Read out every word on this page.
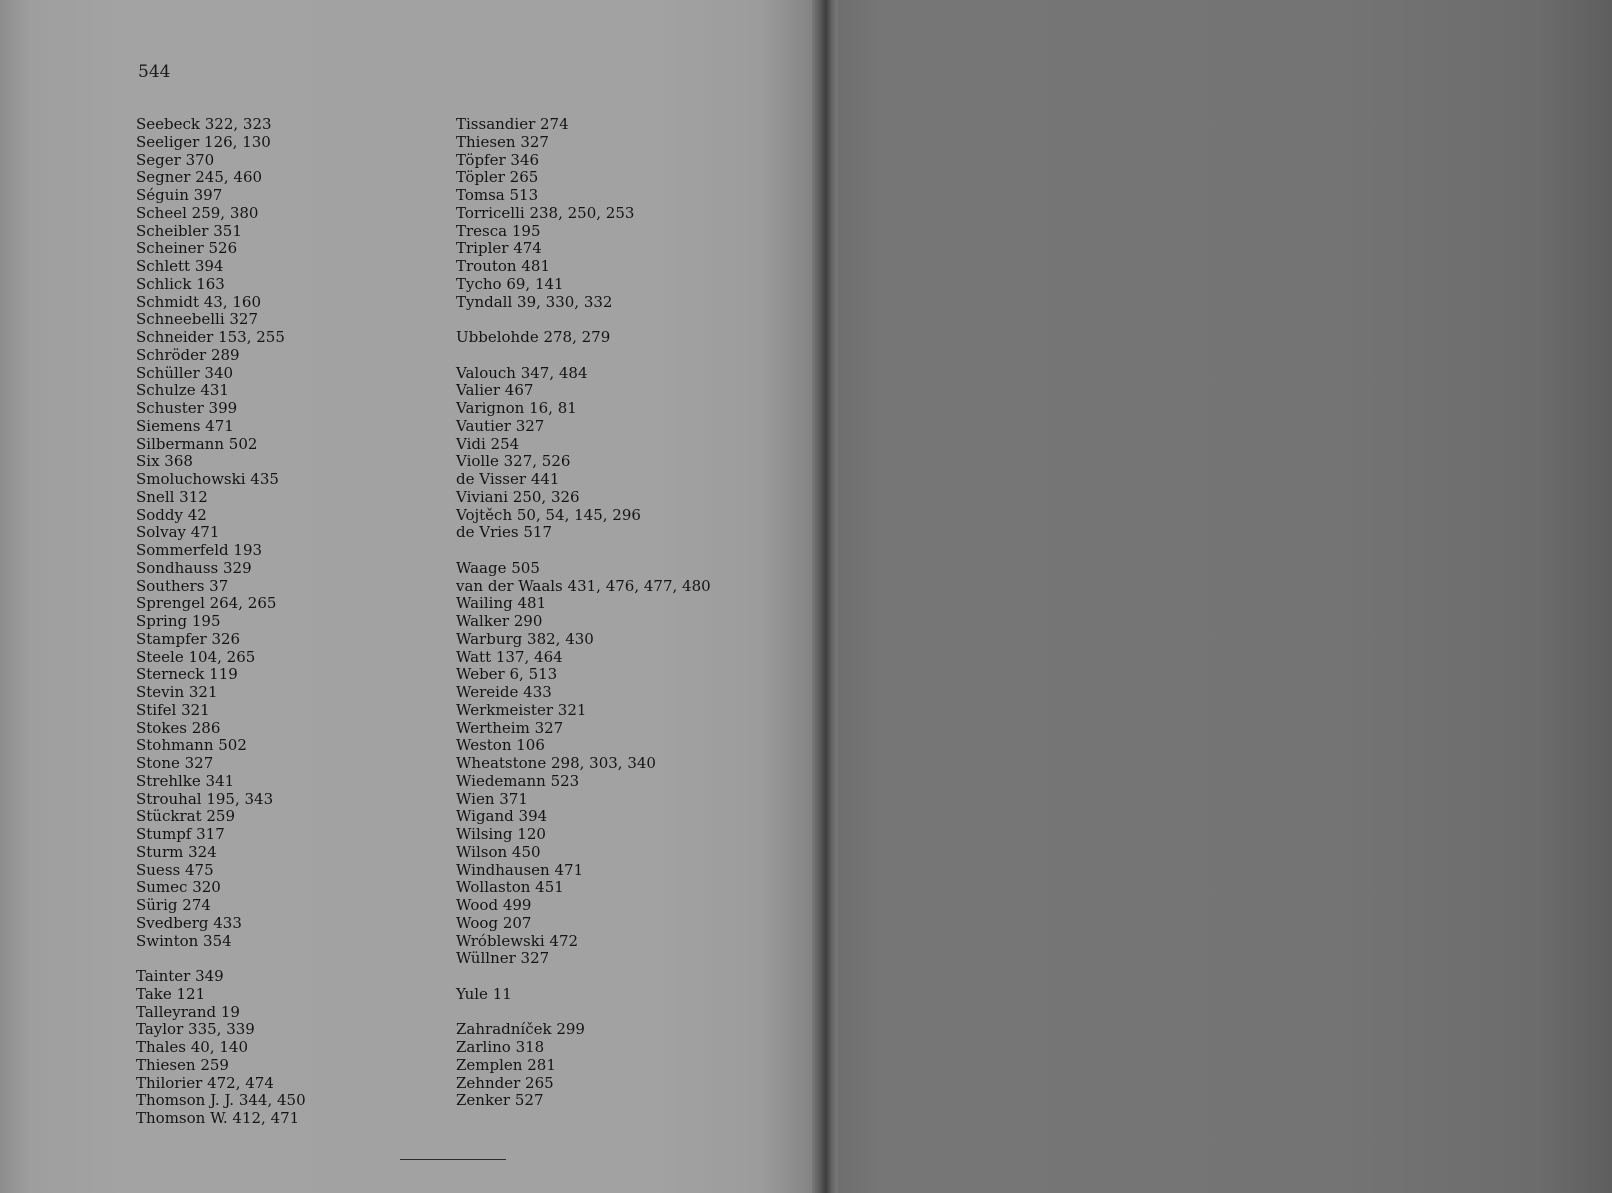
544

Seebeck 322, 323
Seeliger 126, 130
Seger 370
Segner 245, 460
Séguin 397
Scheel 259, 380
Scheibler 351
Scheiner 526
Schlett 394
Schlick 163
Schmidt 43, 160
Schneebelli 327
Schneider 153, 255
Schröder 289
Schüller 340
Schulze 431
Schuster 399
Siemens 471
Silbermann 502
Six 368
Smoluchowski 435
Snell 312
Soddy 42
Solvay 471
Sommerfeld 193
Sondhauss 329
Southers 37
Sprengel 264, 265
Spring 195
Stampfer 326
Steele 104, 265
Sterneck 119
Stevin 321
Stifel 321
Stokes 286
Stohmann 502
Stone 327
Strehlke 341
Strouhal 195, 343
Stückrat 259
Stumpf 317
Sturm 324
Suess 475
Sumec 320
Sürig 274
Svedberg 433
Swinton 354
Tainter 349
Take 121
Talleyrand 19
Taylor 335, 339
Thales 40, 140
Thiesen 259
Thilorier 472, 474
Thomson J. J. 344, 450
Thomson W. 412, 471
Tissandier 274
Thiesen 327
Töpfer 346
Töpler 265
Tomsa 513
Torricelli 238, 250, 253
Tresca 195
Tripler 474
Trouton 481
Tycho 69, 141
Tyndall 39, 330, 332
Ubbelohde 278, 279
Valouch 347, 484
Valier 467
Varignon 16, 81
Vautier 327
Vidi 254
Violle 327, 526
de Visser 441
Viviani 250, 326
Vojtěch 50, 54, 145, 296
de Vries 517
Waage 505
van der Waals 431, 476, 477, 480
Wailing 481
Walker 290
Warburg 382, 430
Watt 137, 464
Weber 6, 513
Wereide 433
Werkmeister 321
Wertheim 327
Weston 106
Wheatstone 298, 303, 340
Wiedemann 523
Wien 371
Wigand 394
Wilsing 120
Wilson 450
Windhausen 471
Wollaston 451
Wood 499
Woog 207
Wróblewski 472
Wüllner 327
Yule 11
Zahradníček 299
Zarlino 318
Zemplen 281
Zehnder 265
Zenker 527
